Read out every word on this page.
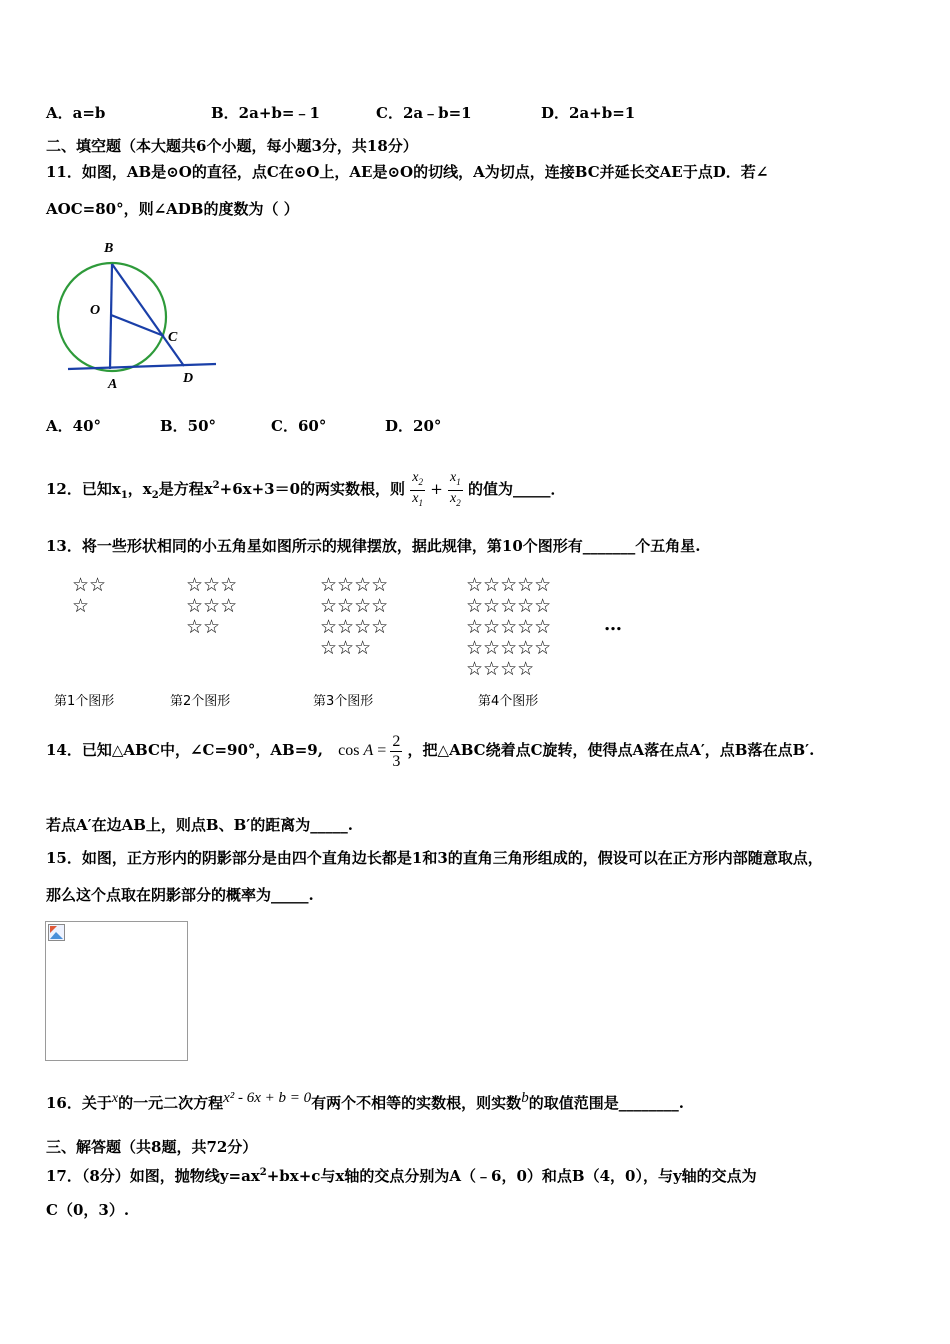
A．a=b	B．2a+b=﹣1	C．2a﹣b=1	D．2a+b=1
二、填空题（本大题共6个小题，每小题3分，共18分）
11．如图，AB是⊙O的直径，点C在⊙O上，AE是⊙O的切线，A为切点，连接BC并延长交AE于点D．若∠
AOC=80°，则∠ADB的度数为（ ）
B
O
C
A	D
A．40°	B．50°	C．60°	D．20°
12．已知$x_1$，$x_2$是方程$x^2+6x+3=0$的两实数根，则 $\frac{x_2}{x_1} + \frac{x_1}{x_2}$ 的值为_____．
13．将一些形状相同的小五角星如图所示的规律摆放，据此规律，第10个图形有_______个五角星.
☆☆
☆
☆☆☆
☆☆☆
☆☆
☆☆☆☆
☆☆☆☆
☆☆☆☆
☆☆☆
☆☆☆☆☆
☆☆☆☆☆
☆☆☆☆☆
☆☆☆☆☆
☆☆☆☆
…
第1个图形	第2个图形	第3个图形	第4个图形
14．已知△ABC中，∠C=90°，AB=9, $\cos A = \frac{2}{3}$ ，把△ABC绕着点C旋转，使得点A落在点A′，点B落在点B′.
若点A′在边AB上，则点B、B′的距离为_____.
15．如图，正方形内的阴影部分是由四个直角边长都是1和3的直角三角形组成的，假设可以在正方形内部随意取点，
那么这个点取在阴影部分的概率为_____.
16．关于x的一元二次方程x² - 6x + b = 0有两个不相等的实数根，则实数b的取值范围是________.
三、解答题（共8题，共72分）
17．（8分）如图，抛物线$y=ax^2+bx+c$与x轴的交点分别为A（﹣6，0）和点B（4，0），与y轴的交点为
C（0，3）.
